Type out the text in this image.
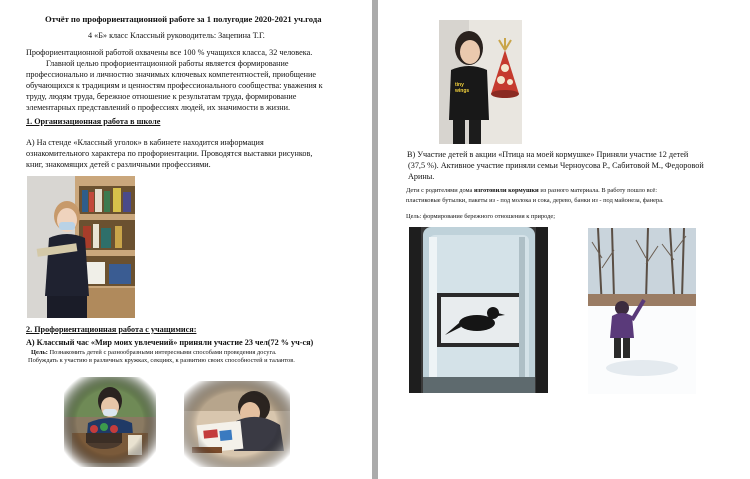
Отчёт по профориентационной работе за 1 полугодие 2020-2021 уч.года
4 «Б» класс Классный руководитель: Зацепина Т.Г.
Профориентационной работой охвачены все 100 % учащихся класса, 32 человека.
Главной целью профориентационной работы является формирование
профессионально и личностно значимых ключевых компетентностей, приобщение
обучающихся к традициям и ценностям профессионального сообщества: уважения к
труду, людям труда, бережное отношение к результатам труда, формирование
элементарных представлений о профессиях людей, их значимости в жизни.
1. Организационная работа в школе
А) На стенде «Классный уголок» в кабинете находится информация
ознакомительного характера по профориентации. Проводятся выставки рисунков,
книг, знакомящих детей с различными профессиями.
2. Профориентационная работа с учащимися:
А) Классный час «Мир моих увлечений» приняли участие 23 чел(72 % уч-ся)
Цель: Познакомить детей с разнообразными интересными способами проведения досуга.
Побуждать к участию в различных кружках, секциях, к развитию своих способностей и талантов.
tiny
wings
В) Участие детей в акции «Птица на моей кормушке» Приняли участие 12 детей
(37,5 %). Активное участие приняли семьи Черноусова Р., Сабитовой М., Федоровой
Арины.
Дети с родителями дома изготовили кормушки из разного материала. В работу пошло всё:
пластиковые бутылки, пакеты из - под молока и сока, дерево, банки из - под майонеза, фанера.
Цель: формирование бережного отношения к природе;
